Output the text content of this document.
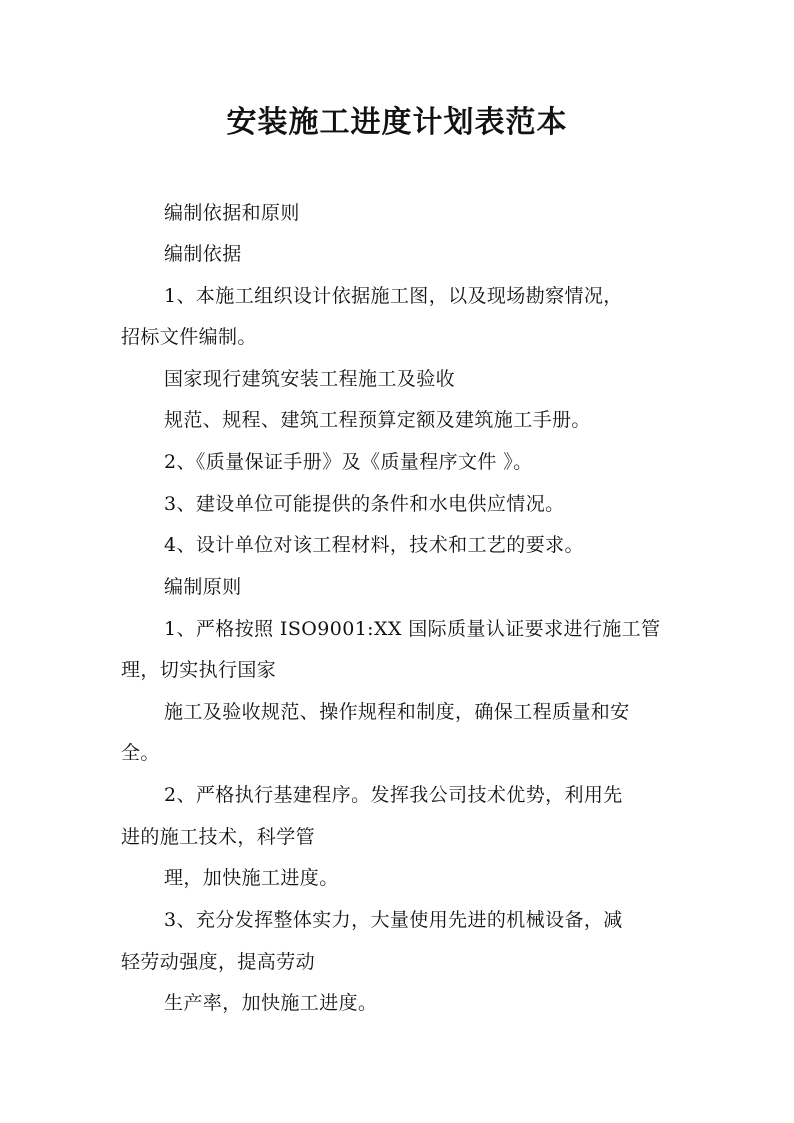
安装施工进度计划表范本
编制依据和原则
编制依据
1、本施工组织设计依据施工图，以及现场勘察情况，
招标文件编制。
国家现行建筑安装工程施工及验收
规范、规程、建筑工程预算定额及建筑施工手册。
2、《质量保证手册》及《质量程序文件 》。
3、建设单位可能提供的条件和水电供应情况。
4、设计单位对该工程材料，技术和工艺的要求。
编制原则
1、严格按照 ISO9001:XX 国际质量认证要求进行施工管
理，切实执行国家
施工及验收规范、操作规程和制度，确保工程质量和安
全。
2、严格执行基建程序。发挥我公司技术优势，利用先
进的施工技术，科学管
理，加快施工进度。
3、充分发挥整体实力，大量使用先进的机械设备，减
轻劳动强度，提高劳动
生产率，加快施工进度。
